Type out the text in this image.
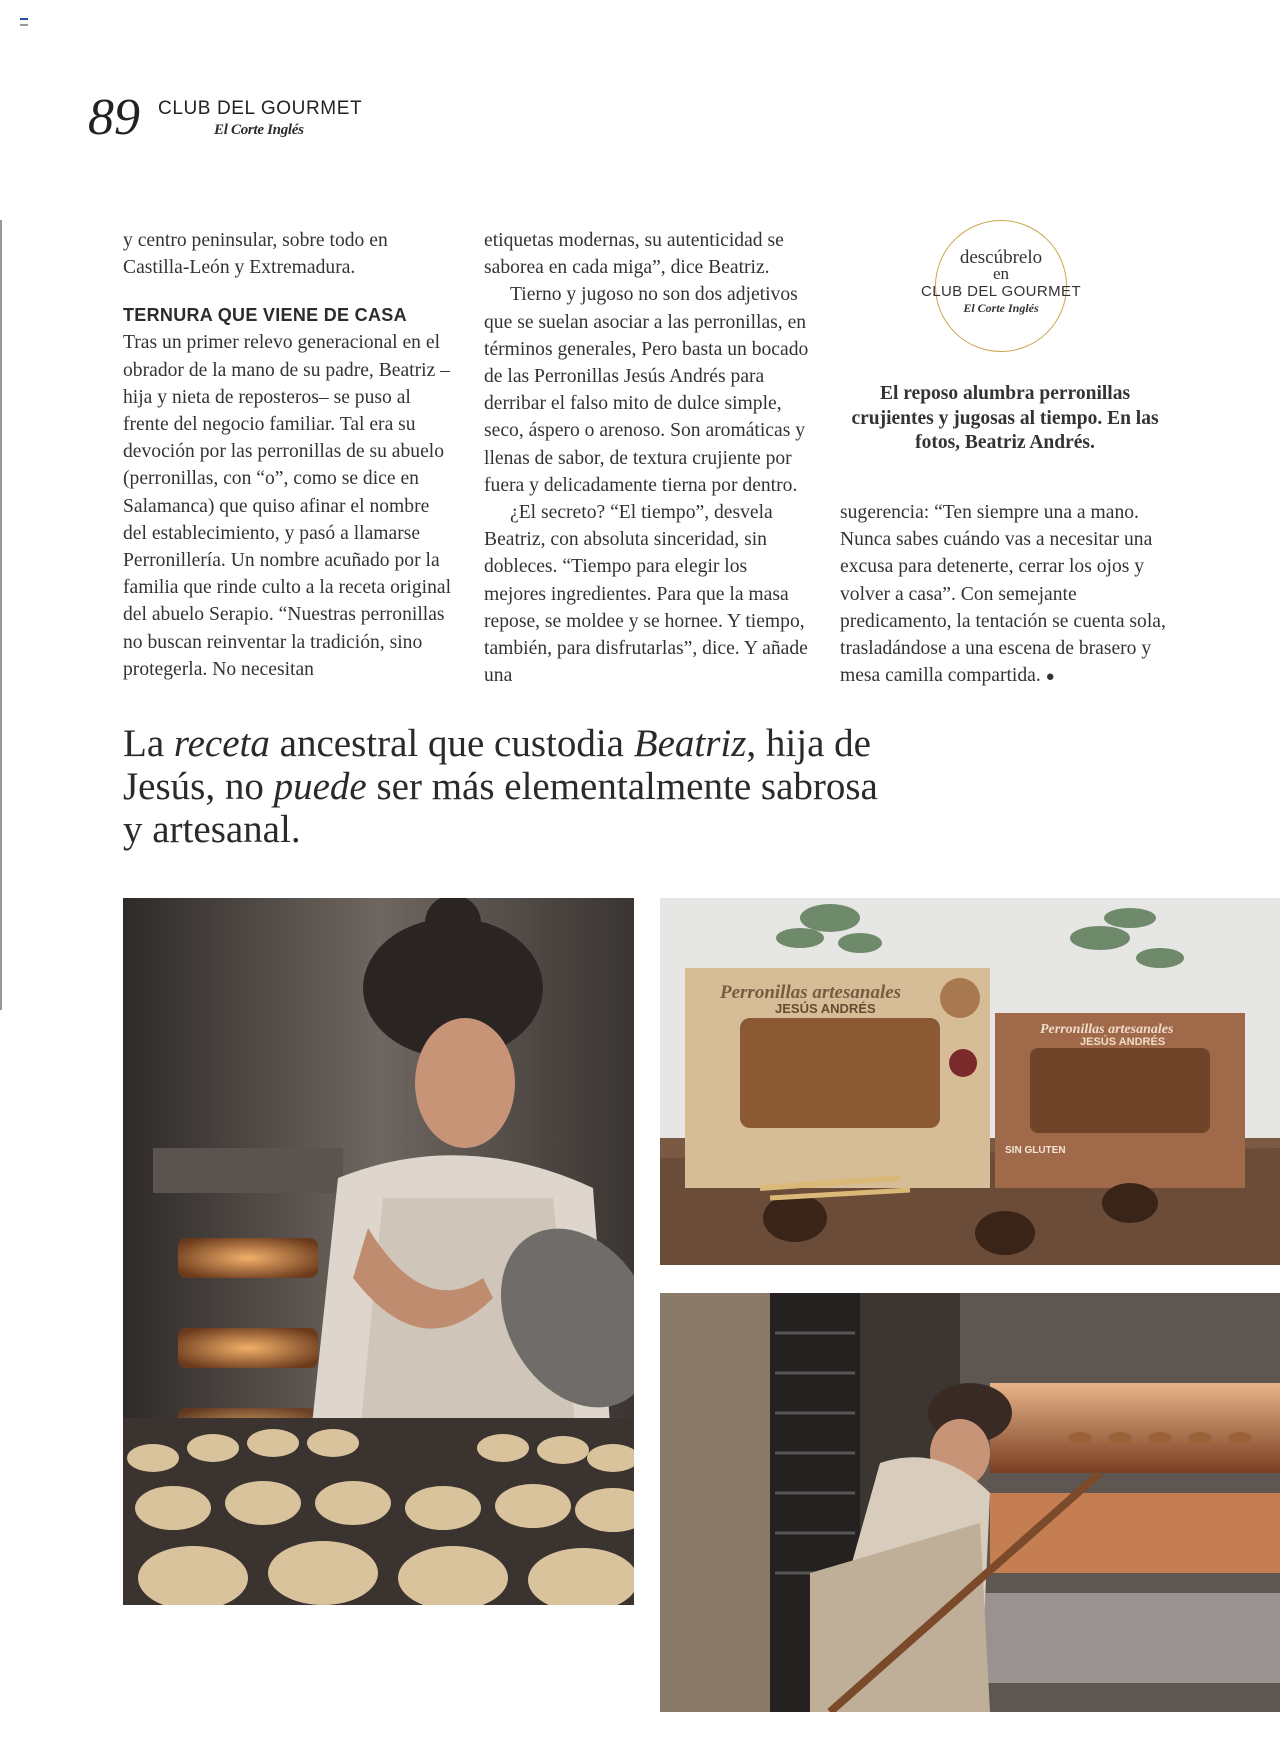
89 CLUB DEL GOURMET
El Corte Inglés

y centro peninsular, sobre todo en Castilla-León y Extremadura.

TERNURA QUE VIENE DE CASA

Tras un primer relevo generacional en el obrador de la mano de su padre, Beatriz –hija y nieta de reposteros– se puso al frente del negocio familiar. Tal era su devoción por las perronillas de su abuelo (perronillas, con “o”, como se dice en Salamanca) que quiso afinar el nombre del establecimiento, y pasó a llamarse Perronillería. Un nombre acuñado por la familia que rinde culto a la receta original del abuelo Serapio. “Nuestras perronillas no buscan reinventar la tradición, sino protegerla. No necesitan

etiquetas modernas, su autenticidad se saborea en cada miga”, dice Beatriz.

Tierno y jugoso no son dos adjetivos que se suelan asociar a las perronillas, en términos generales, Pero basta un bocado de las Perronillas Jesús Andrés para derribar el falso mito de dulce simple, seco, áspero o arenoso. Son aromáticas y llenas de sabor, de textura crujiente por fuera y delicadamente tierna por dentro.

¿El secreto? “El tiempo”, desvela Beatriz, con absoluta sinceridad, sin dobleces. “Tiempo para elegir los mejores ingredientes. Para que la masa repose, se moldee y se hornee. Y tiempo, también, para disfrutarlas”, dice. Y añade una

descúbrelo
en
CLUB DEL GOURMET
El Corte Inglés
El reposo alumbra perronillas crujientes y jugosas al tiempo. En las fotos, Beatriz Andrés.

sugerencia: “Ten siempre una a mano. Nunca sabes cuándo vas a necesitar una excusa para detenerte, cerrar los ojos y volver a casa”. Con semejante predicamento, la tentación se cuenta sola, trasladándose a una escena de brasero y mesa camilla compartida. ●

La receta ancestral que custodia Beatriz, hija de Jesús, no puede ser más elementalmente sabrosa y artesanal.

Perronillas artesanales
JESÚS ANDRÉS
Perronillas artesanales
JESÚS ANDRÉS
SIN GLUTEN
